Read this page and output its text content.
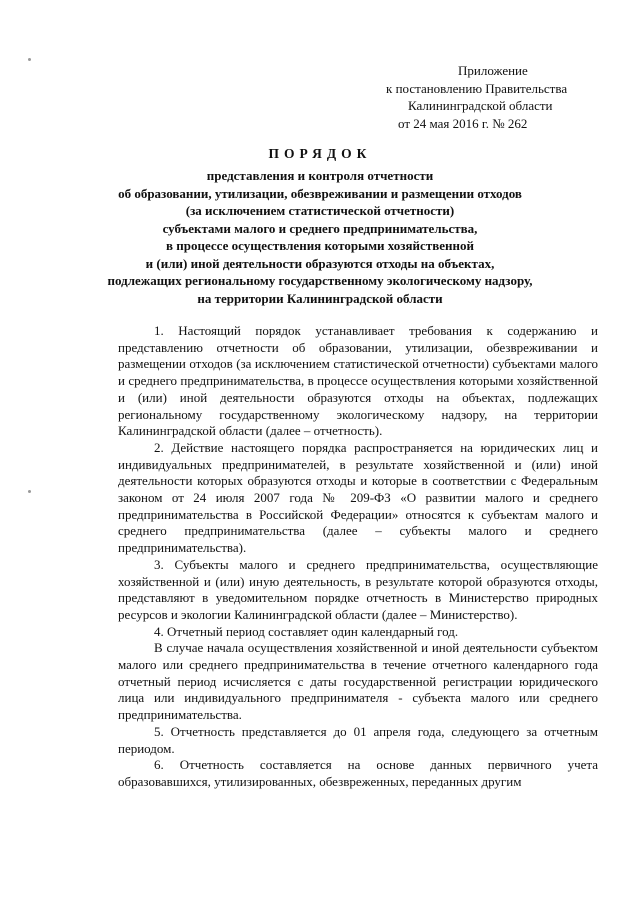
Приложение
к постановлению Правительства
Калининградской области
от 24 мая 2016 г. № 262
ПОРЯДОК
представления и контроля отчетности
об образовании, утилизации, обезвреживании и размещении отходов
(за исключением статистической отчетности)
субъектами малого и среднего предпринимательства,
в процессе осуществления которыми хозяйственной
и (или) иной деятельности образуются отходы на объектах,
подлежащих региональному государственному экологическому надзору,
на территории Калининградской области

1. Настоящий порядок устанавливает требования к содержанию и представлению отчетности об образовании, утилизации, обезвреживании и размещении отходов (за исключением статистической отчетности) субъектами малого и среднего предпринимательства, в процессе осуществления которыми хозяйственной и (или) иной деятельности образуются отходы на объектах, подлежащих региональному государственному экологическому надзору, на территории Калининградской области (далее – отчетность).

2. Действие настоящего порядка распространяется на юридических лиц и индивидуальных предпринимателей, в результате хозяйственной и (или) иной деятельности которых образуются отходы и которые в соответствии с Федеральным законом от 24 июля 2007 года № 209-ФЗ «О развитии малого и среднего предпринимательства в Российской Федерации» относятся к субъектам малого и среднего предпринимательства (далее – субъекты малого и среднего предпринимательства).

3. Субъекты малого и среднего предпринимательства, осуществляющие хозяйственной и (или) иную деятельность, в результате которой образуются отходы, представляют в уведомительном порядке отчетность в Министерство природных ресурсов и экологии Калининградской области (далее – Министерство).

4. Отчетный период составляет один календарный год.

В случае начала осуществления хозяйственной и иной деятельности субъектом малого или среднего предпринимательства в течение отчетного календарного года отчетный период исчисляется с даты государственной регистрации юридического лица или индивидуального предпринимателя - субъекта малого или среднего предпринимательства.

5. Отчетность представляется до 01 апреля года, следующего за отчетным периодом.

6. Отчетность составляется на основе данных первичного учета образовавшихся, утилизированных, обезвреженных, переданных другим
